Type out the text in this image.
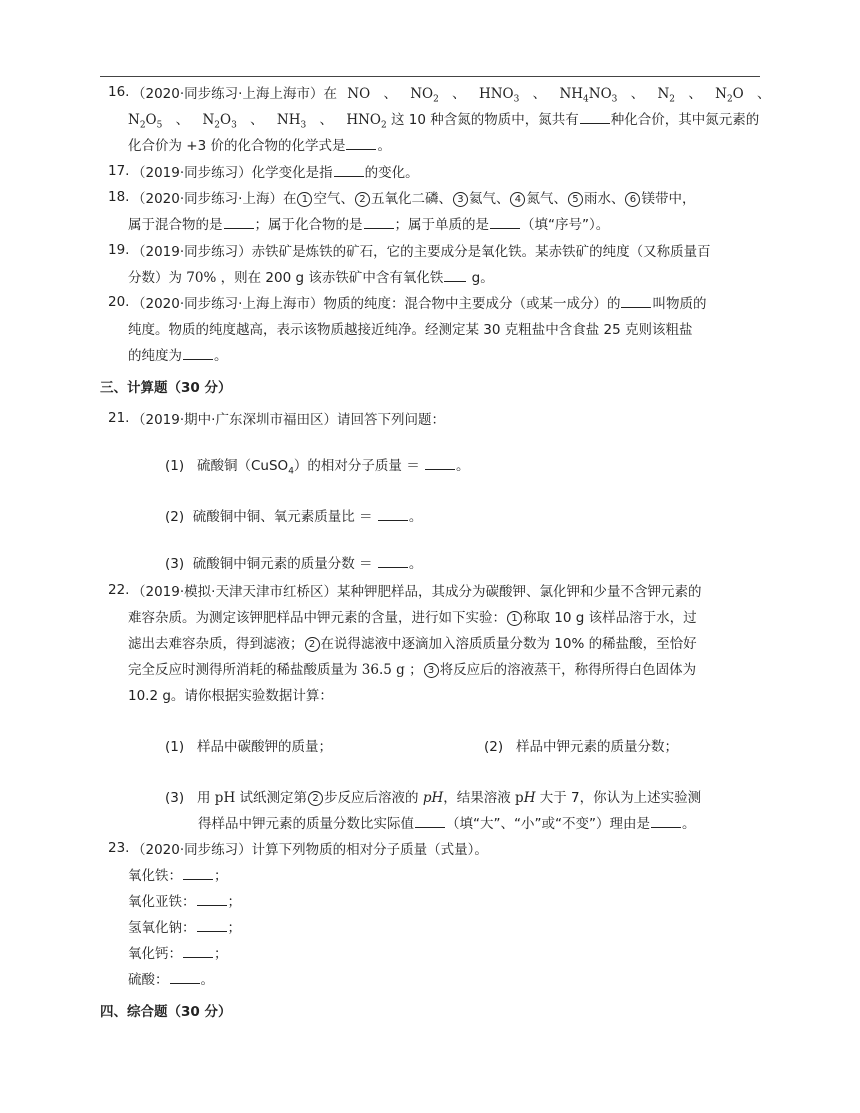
16. （2020·同步练习·上海上海市）在 NO 、 $NO_2$ 、 $HNO_3$ 、 $NH_4NO_3$ 、 $N_2$ 、 $N_2O$ 、
$N_2O_5$ 、 $N_2O_3$ 、 $NH_3$ 、 $HNO_2$ 这 10 种含氮的物质中，氮共有 种化合价，其中氮元素的
化合价为 +3 价的化合物的化学式是 。
17. （2019·同步练习）化学变化是指 的变化。
18. （2020·同步练习·上海）在 1 空气、 2 五氧化二磷、 3 氦气、 4 氮气、 5 雨水、 6 镁带中，
属于混合物的是 ；属于化合物的是 ；属于单质的是 （填“序号”）。
19. （2019·同步练习）赤铁矿是炼铁的矿石，它的主要成分是氧化铁。某赤铁矿的纯度（又称质量百
分数）为 70% ，则在 200 g 该赤铁矿中含有氧化铁 g。
20. （2020·同步练习·上海上海市）物质的纯度：混合物中主要成分（或某一成分）的 叫物质的
纯度。物质的纯度越高，表示该物质越接近纯净。经测定某 30 克粗盐中含食盐 25 克则该粗盐
的纯度为 。
三、计算题（30 分）
21. （2019·期中·广东深圳市福田区）请回答下列问题：
(1) 硫酸铜（CuSO$_4$）的相对分子质量 ＝	。
(2) 硫酸铜中铜、氧元素质量比 ＝	。
(3) 硫酸铜中铜元素的质量分数 ＝	。
22. （2019·模拟·天津天津市红桥区）某种钾肥样品，其成分为碳酸钾、氯化钾和少量不含钾元素的
难容杂质。为测定该钾肥样品中钾元素的含量，进行如下实验： 1 称取 10 g 该样品溶于水，过
滤出去难容杂质，得到滤液； 2 在说得滤液中逐滴加入溶质质量分数为 10% 的稀盐酸，至恰好
完全反应时测得所消耗的稀盐酸质量为 36.5 g ； 3 将反应后的溶液蒸干，称得所得白色固体为
10.2 g。请你根据实验数据计算：
(1) 样品中碳酸钾的质量；	(2) 样品中钾元素的质量分数；
(3) 用 pH 试纸测定第 2 步反应后溶液的 pH，结果溶液 pH 大于 7，你认为上述实验测
得样品中钾元素的质量分数比实际值 （填“大”、“小”或“不变”）理由是 。
23. （2020·同步练习）计算下列物质的相对分子质量（式量）。
氧化铁： ；
氧化亚铁： ；
氢氧化钠： ；
氧化钙： ；
硫酸： 。
四、综合题（30 分）
